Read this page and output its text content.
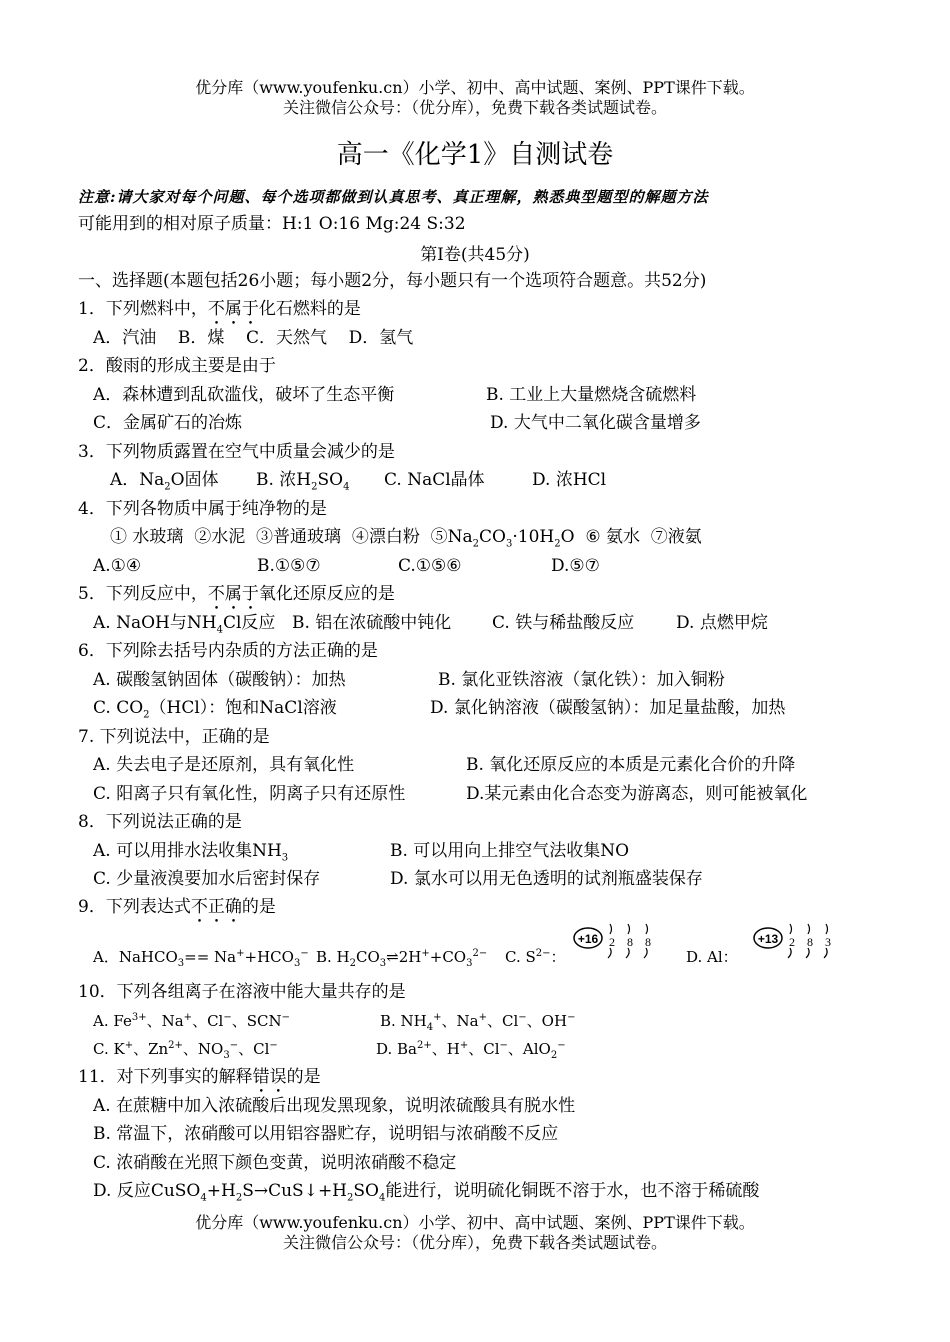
优分库（www.youfenku.cn）小学、初中、高中试题、案例、PPT课件下载。
关注微信公众号：（优分库），免费下载各类试题试卷。
高一《化学1》自测试卷
注意:请大家对每个问题、每个选项都做到认真思考、真正理解，熟悉典型题型的解题方法
可能用到的相对原子质量：H:1 O:16 Mg:24 S:32
第Ⅰ卷(共45分)
一、选择题(本题包括26小题；每小题2分，每小题只有一个选项符合题意。共52分)
1．下列燃料中，不属于化石燃料的是
A．汽油    B．煤    C．天然气    D．氢气
2．酸雨的形成主要是由于
A．森林遭到乱砍滥伐，破坏了生态平衡	B. 工业上大量燃烧含硫燃料
C．金属矿石的冶炼	D. 大气中二氧化碳含量增多
3．下列物质露置在空气中质量会减少的是
A．$Na_2O$固体 B. 浓$H_2SO_4$ C. NaCl晶体	D. 浓HCl
4．下列各物质中属于纯净物的是
① 水玻璃  ②水泥  ③普通玻璃  ④漂白粉  $⑤Na_2CO_3\cdot 10H_2O$  ⑥ 氨水  ⑦液氨
A.①④	B.①⑤⑦	C.①⑤⑥	D.⑤⑦
5．下列反应中，不属于氧化还原反应的是
A. NaOH与$NH_4Cl$反应 B. 铝在浓硫酸中钝化 C. 铁与稀盐酸反应 D. 点燃甲烷
6．下列除去括号内杂质的方法正确的是
A. 碳酸氢钠固体（碳酸钠）：加热	B. 氯化亚铁溶液（氯化铁）：加入铜粉
C. $CO_2(HCl)$：饱和NaCl溶液	D. 氯化钠溶液（碳酸氢钠）：加足量盐酸，加热
7. 下列说法中，正确的是
A. 失去电子是还原剂，具有氧化性	B. 氧化还原反应的本质是元素化合价的升降
C. 阳离子只有氧化性，阴离子只有还原性	D.某元素由化合态变为游离态，则可能被氧化
8．下列说法正确的是
A. 可以用排水法收集$NH_3$	B. 可以用向上排空气法收集NO
C. 少量液溴要加水后密封保存	D. 氯水可以用无色透明的试剂瓶盛装保存
9．下列表达式不正确的是
A．NaHCO$_3$== $Na^++HCO_3^-$ B. $H_2CO_3\rightleftharpoons 2H^++CO_3^{2-}$ C. $S^{2-}$：
+16 2 8 8
D. Al：
+13 2 8 3
10．下列各组离子在溶液中能大量共存的是
A. $Fe^{3+}$、Na+、Cl−、SCN−	B. $NH_4^+$、Na+、Cl−、OH−
C. K+、$Zn^{2+}$、$NO_3^-$、Cl−	D. $Ba^{2+}$、H+、Cl−、AlO$_2$−
11．对下列事实的解释错误的是
A. 在蔗糖中加入浓硫酸后出现发黑现象，说明浓硫酸具有脱水性
B. 常温下，浓硝酸可以用铝容器贮存，说明铝与浓硝酸不反应
C. 浓硝酸在光照下颜色变黄，说明浓硝酸不稳定
D. 反应$CuSO_4+H_2S\to CuS↓+H_2SO_4$能进行，说明硫化铜既不溶于水，也不溶于稀硫酸
优分库（www.youfenku.cn）小学、初中、高中试题、案例、PPT课件下载。
关注微信公众号：（优分库），免费下载各类试题试卷。
